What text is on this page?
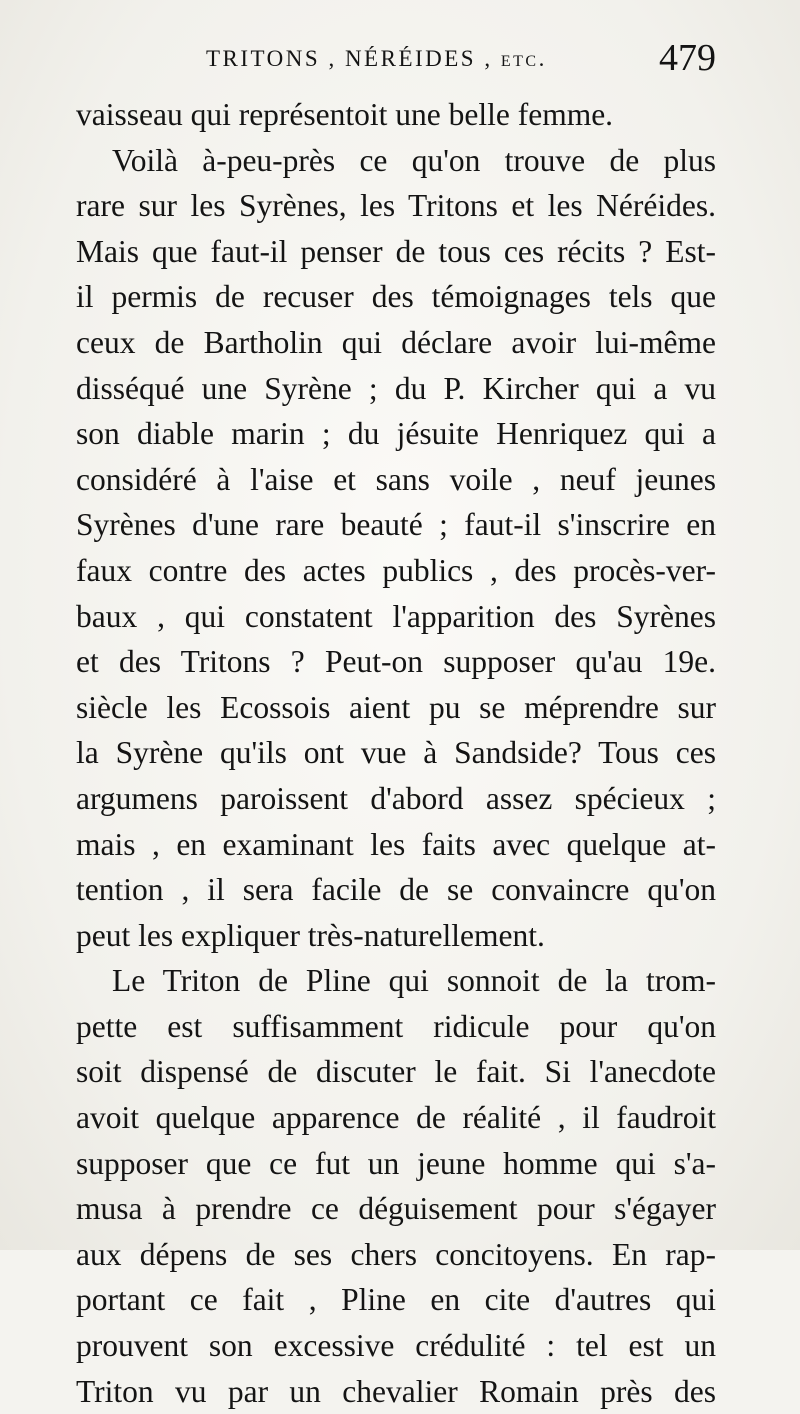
TRITONS , NÉRÉIDES , etc.	479
vaisseau qui représentoit une belle femme.
Voilà à-peu-près ce qu'on trouve de plus
rare sur les Syrènes, les Tritons et les Néréides.
Mais que faut-il penser de tous ces récits ? Est-
il permis de recuser des témoignages tels que
ceux de Bartholin qui déclare avoir lui-même
disséqué une Syrène ; du P. Kircher qui a vu
son diable marin ; du jésuite Henriquez qui a
considéré à l'aise et sans voile , neuf jeunes
Syrènes d'une rare beauté ; faut-il s'inscrire en
faux contre des actes publics , des procès-ver-
baux , qui constatent l'apparition des Syrènes
et des Tritons ? Peut-on supposer qu'au 19e.
siècle les Ecossois aient pu se méprendre sur
la Syrène qu'ils ont vue à Sandside? Tous ces
argumens paroissent d'abord assez spécieux ;
mais , en examinant les faits avec quelque at-
tention , il sera facile de se convaincre qu'on
peut les expliquer très-naturellement.
Le Triton de Pline qui sonnoit de la trom-
pette est suffisamment ridicule pour qu'on
soit dispensé de discuter le fait. Si l'anecdote
avoit quelque apparence de réalité , il faudroit
supposer que ce fut un jeune homme qui s'a-
musa à prendre ce déguisement pour s'égayer
aux dépens de ses chers concitoyens. En rap-
portant ce fait , Pline en cite d'autres qui
prouvent son excessive crédulité : tel est un
Triton vu par un chevalier Romain près des
